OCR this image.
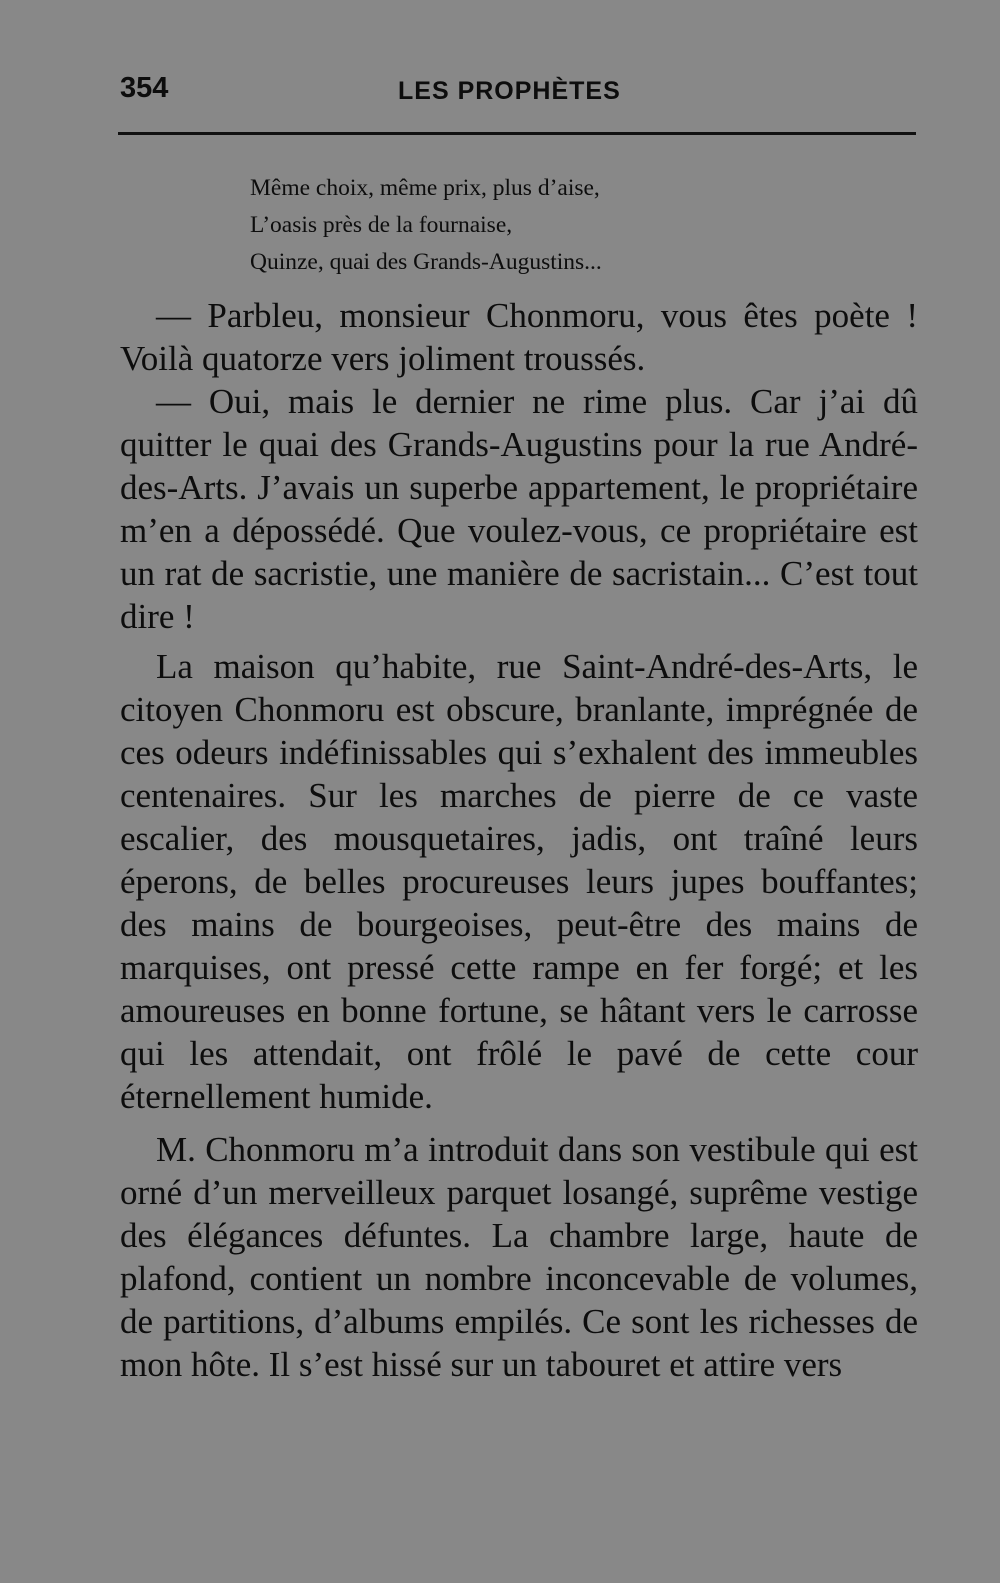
354	LES PROPHÈTES
Même choix, même prix, plus d’aise,
L’oasis près de la fournaise,
Quinze, quai des Grands-Augustins...

— Parbleu, monsieur Chonmoru, vous êtes poète ! Voilà quatorze vers joliment troussés.

— Oui, mais le dernier ne rime plus. Car j’ai dû quitter le quai des Grands-Augustins pour la rue André-des-Arts. J’avais un superbe appartement, le propriétaire m’en a dépossédé. Que voulez-vous, ce propriétaire est un rat de sacristie, une manière de sacristain... C’est tout dire !

La maison qu’habite, rue Saint-André-des-Arts, le citoyen Chonmoru est obscure, branlante, imprégnée de ces odeurs indéfinissables qui s’exhalent des immeubles centenaires. Sur les marches de pierre de ce vaste escalier, des mousquetaires, jadis, ont traîné leurs éperons, de belles procureuses leurs jupes bouffantes; des mains de bourgeoises, peut-être des mains de marquises, ont pressé cette rampe en fer forgé; et les amoureuses en bonne fortune, se hâtant vers le carrosse qui les attendait, ont frôlé le pavé de cette cour éternellement humide.

M. Chonmoru m’a introduit dans son vestibule qui est orné d’un merveilleux parquet losangé, suprême vestige des élégances défuntes. La chambre large, haute de plafond, contient un nombre inconcevable de volumes, de partitions, d’albums empilés. Ce sont les richesses de mon hôte. Il s’est hissé sur un tabouret et attire vers
